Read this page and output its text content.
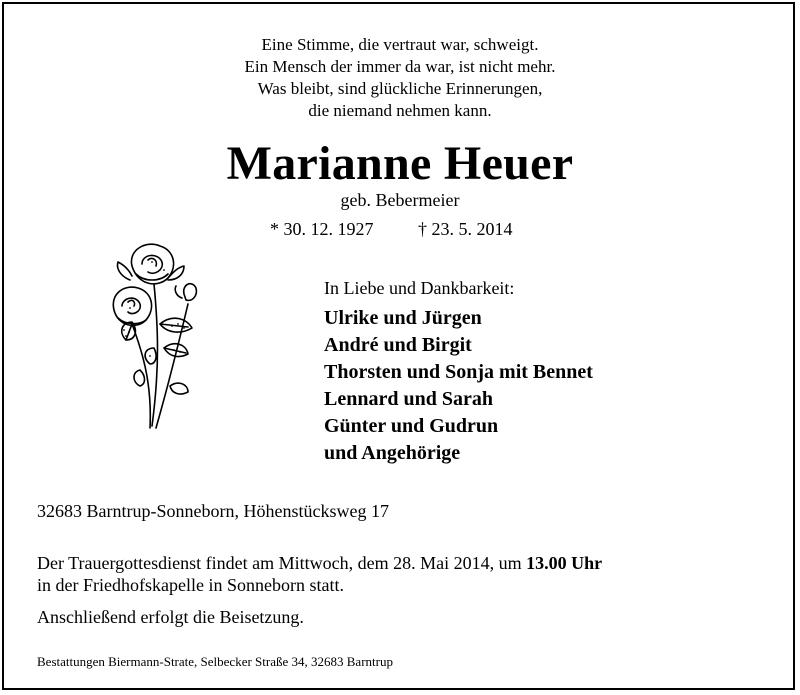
Eine Stimme, die vertraut war, schweigt.
Ein Mensch der immer da war, ist nicht mehr.
Was bleibt, sind glückliche Erinnerungen,
die niemand nehmen kann.
Marianne Heuer
geb. Bebermeier
* 30. 12. 1927 † 23. 5. 2014
In Liebe und Dankbarkeit:
Ulrike und Jürgen
André und Birgit
Thorsten und Sonja mit Bennet
Lennard und Sarah
Günter und Gudrun
und Angehörige
32683 Barntrup-Sonneborn, Höhenstücksweg 17
Der Trauergottesdienst findet am Mittwoch, dem 28. Mai 2014, um 13.00 Uhr
in der Friedhofskapelle in Sonneborn statt.
Anschließend erfolgt die Beisetzung.
Bestattungen Biermann-Strate, Selbecker Straße 34, 32683 Barntrup
